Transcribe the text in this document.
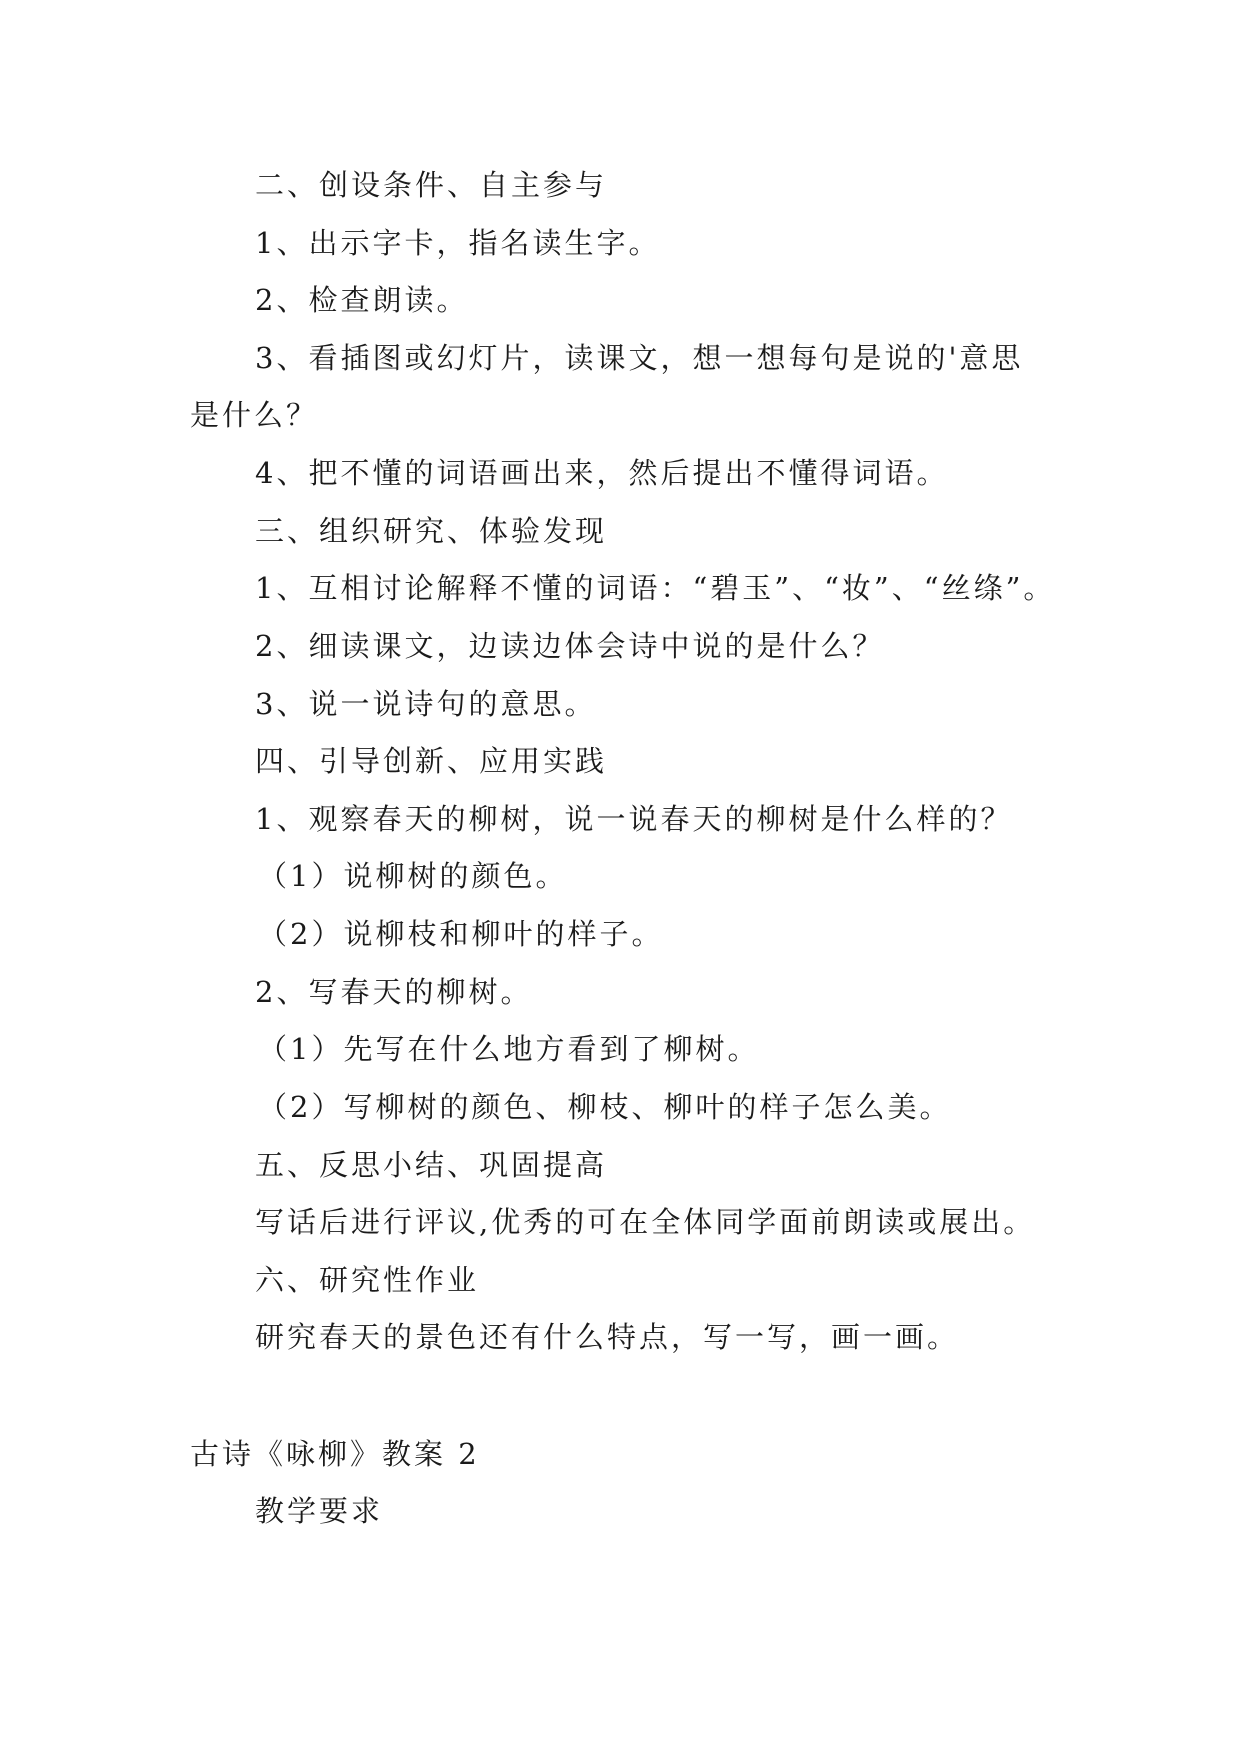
二、创设条件、自主参与
1、出示字卡，指名读生字。
2、检查朗读。
3、看插图或幻灯片，读课文，想一想每句是说的'意思
是什么？
4、把不懂的词语画出来，然后提出不懂得词语。
三、组织研究、体验发现
1、互相讨论解释不懂的词语：“碧玉”、“妆”、“丝绦”。
2、细读课文，边读边体会诗中说的是什么？
3、说一说诗句的意思。
四、引导创新、应用实践
1、观察春天的柳树，说一说春天的柳树是什么样的？
（1）说柳树的颜色。
（2）说柳枝和柳叶的样子。
2、写春天的柳树。
（1）先写在什么地方看到了柳树。
（2）写柳树的颜色、柳枝、柳叶的样子怎么美。
五、反思小结、巩固提高
写话后进行评议,优秀的可在全体同学面前朗读或展出。
六、研究性作业
研究春天的景色还有什么特点，写一写，画一画。
古诗《咏柳》教案 2
教学要求
